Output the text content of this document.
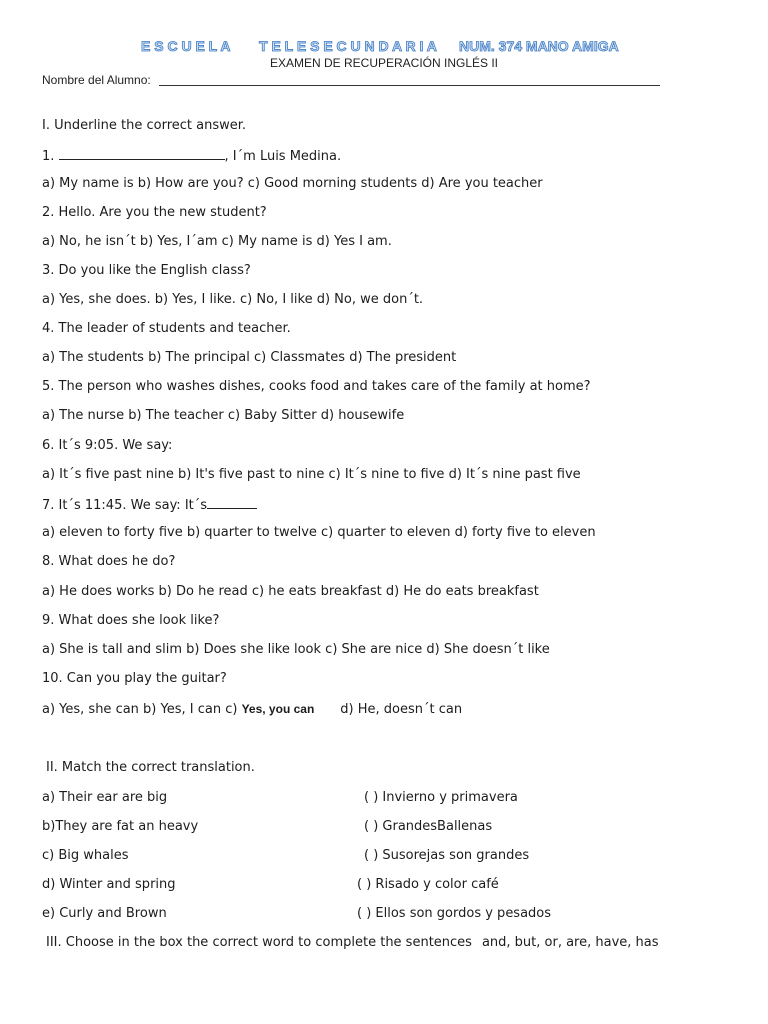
E S C U E L A T E L E S E C U N D A R I A NUM. 374 MANO AMIGA
EXAMEN DE RECUPERACIÓN INGLÉS II
Nombre del Alumno:
I. Underline the correct answer.
1.	, I´m Luis Medina.
a) My name is b) How are you? c) Good morning students d) Are you teacher
2. Hello. Are you the new student?
a) No, he isn´t b) Yes, I´am c) My name is d) Yes I am.
3. Do you like the English class?
a) Yes, she does. b) Yes, I like. c) No, I like d) No, we don´t.
4. The leader of students and teacher.
a) The students b) The principal c) Classmates d) The president
5. The person who washes dishes, cooks food and takes care of the family at home?
a) The nurse b) The teacher c) Baby Sitter d) housewife
6. It´s 9:05. We say:
a) It´s five past nine b) It's five past to nine c) It´s nine to five d) It´s nine past five
7. It´s 11:45. We say: It´s
a) eleven to forty five b) quarter to twelve c) quarter to eleven d) forty five to eleven
8. What does he do?
a) He does works b) Do he read c) he eats breakfast d) He do eats breakfast
9. What does she look like?
a) She is tall and slim b) Does she like look c) She are nice d) She doesn´t like
10. Can you play the guitar?
a) Yes, she can b) Yes, I can c) Yes, you can d) He, doesn´t can
II. Match the correct translation.
a) Their ear are big
b)They are fat an heavy
c) Big whales
d) Winter and spring
e) Curly and Brown
( ) Invierno y primavera
( ) GrandesBallenas
( ) Susorejas son grandes
( ) Risado y color café
( ) Ellos son gordos y pesados
III. Choose in the box the correct word to complete the sentences and, but, or, are, have, has
